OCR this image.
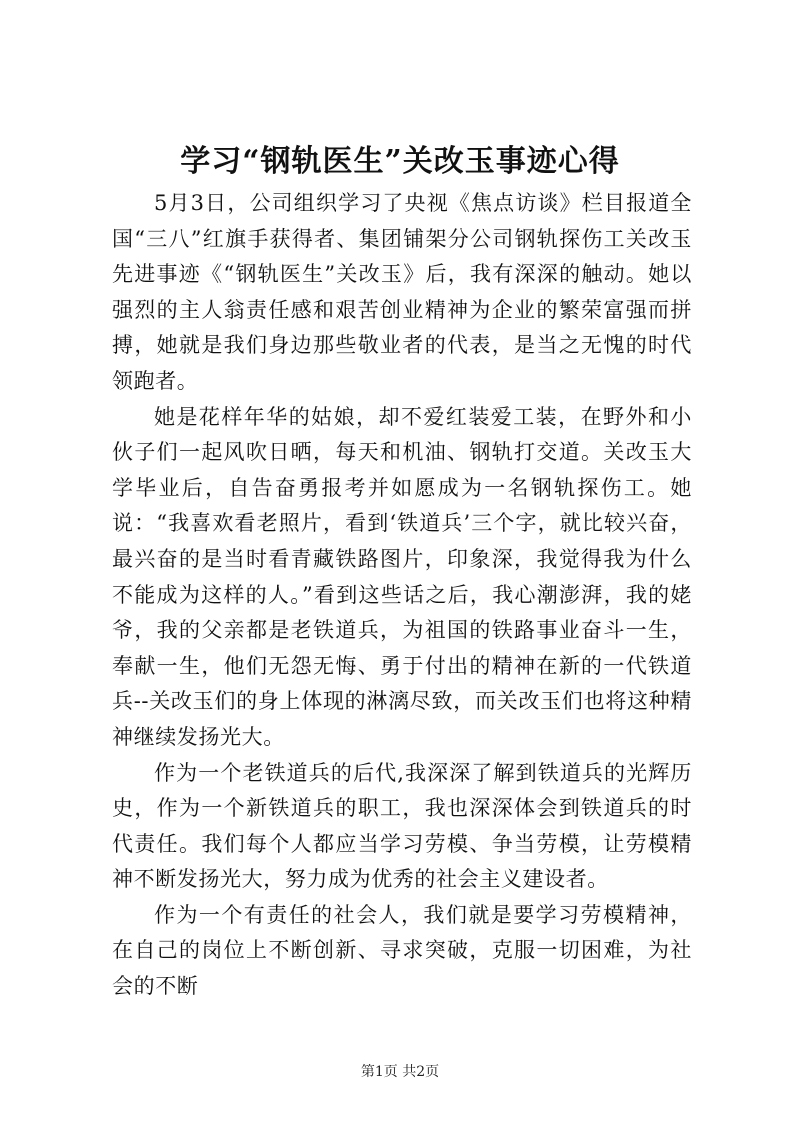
学习“钢轨医生”关改玉事迹心得

5月3日，公司组织学习了央视《焦点访谈》栏目报道全国“三八”红旗手获得者、集团铺架分公司钢轨探伤工关改玉先进事迹《“钢轨医生”关改玉》后，我有深深的触动。她以强烈的主人翁责任感和艰苦创业精神为企业的繁荣富强而拼搏，她就是我们身边那些敬业者的代表，是当之无愧的时代领跑者。

她是花样年华的姑娘，却不爱红装爱工装，在野外和小伙子们一起风吹日晒，每天和机油、钢轨打交道。关改玉大学毕业后，自告奋勇报考并如愿成为一名钢轨探伤工。她说：“我喜欢看老照片，看到‘铁道兵’三个字，就比较兴奋，最兴奋的是当时看青藏铁路图片，印象深，我觉得我为什么不能成为这样的人。”看到这些话之后，我心潮澎湃，我的姥爷，我的父亲都是老铁道兵，为祖国的铁路事业奋斗一生，奉献一生，他们无怨无悔、勇于付出的精神在新的一代铁道兵--关改玉们的身上体现的淋漓尽致，而关改玉们也将这种精神继续发扬光大。

作为一个老铁道兵的后代,我深深了解到铁道兵的光辉历史，作为一个新铁道兵的职工，我也深深体会到铁道兵的时代责任。我们每个人都应当学习劳模、争当劳模，让劳模精神不断发扬光大，努力成为优秀的社会主义建设者。

作为一个有责任的社会人，我们就是要学习劳模精神，在自己的岗位上不断创新、寻求突破，克服一切困难，为社会的不断

第1页 共2页
